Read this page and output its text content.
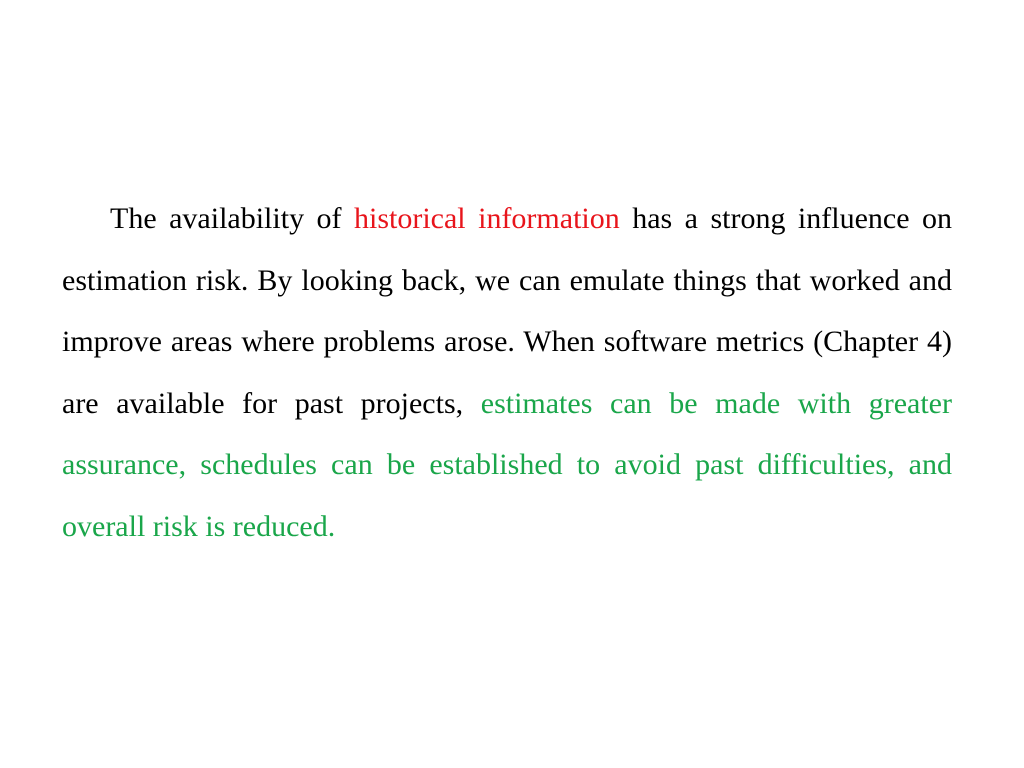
The availability of historical information has a strong influence on estimation risk. By looking back, we can emulate things that worked and improve areas where problems arose. When software metrics (Chapter 4) are available for past projects, estimates can be made with greater assurance, schedules can be established to avoid past difficulties, and overall risk is reduced.
